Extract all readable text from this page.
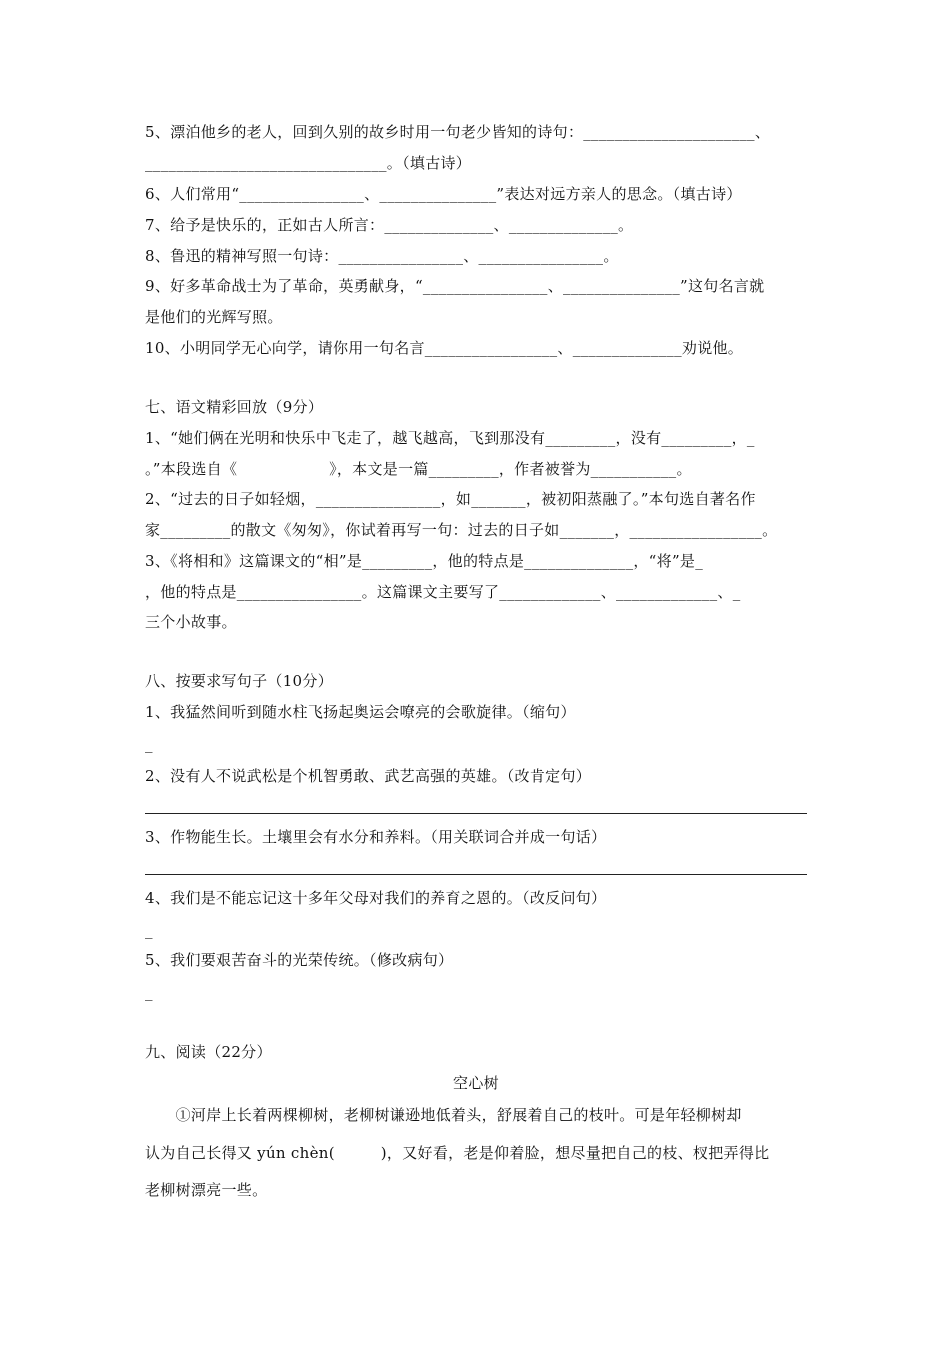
5、漂泊他乡的老人，回到久别的故乡时用一句老少皆知的诗句：______________________、
_______________________________。（填古诗）
6、人们常用“________________、_______________”表达对远方亲人的思念。（填古诗）
7、给予是快乐的，正如古人所言：______________、______________。
8、鲁迅的精神写照一句诗：________________、________________。
9、好多革命战士为了革命，英勇献身，“________________、_______________”这句名言就
是他们的光辉写照。
10、小明同学无心向学，请你用一句名言_________________、______________劝说他。
七、语文精彩回放（9分）
1、“她们俩在光明和快乐中飞走了，越飞越高，飞到那没有_________，没有_________，_
。”本段选自《　　　　　　》，本文是一篇_________，作者被誉为___________。
2、“过去的日子如轻烟，________________，如_______，被初阳蒸融了。”本句选自著名作
家_________的散文《匆匆》，你试着再写一句：过去的日子如_______，_________________。
3、《将相和》这篇课文的“相”是_________，他的特点是______________，“将”是_
，他的特点是________________。这篇课文主要写了_____________、_____________、_
三个小故事。
八、按要求写句子（10分）
1、我猛然间听到随水柱飞扬起奥运会嘹亮的会歌旋律。（缩句）
_
2、没有人不说武松是个机智勇敢、武艺高强的英雄。（改肯定句）
3、作物能生长。土壤里会有水分和养料。（用关联词合并成一句话）
4、我们是不能忘记这十多年父母对我们的养育之恩的。（改反问句）
_
5、我们要艰苦奋斗的光荣传统。（修改病句）
_
九、阅读（22分）
空心树
　　①河岸上长着两棵柳树，老柳树谦逊地低着头，舒展着自己的枝叶。可是年轻柳树却
认为自己长得又 yún chèn(　　　)，又好看，老是仰着脸，想尽量把自己的枝、杈把弄得比
老柳树漂亮一些。
